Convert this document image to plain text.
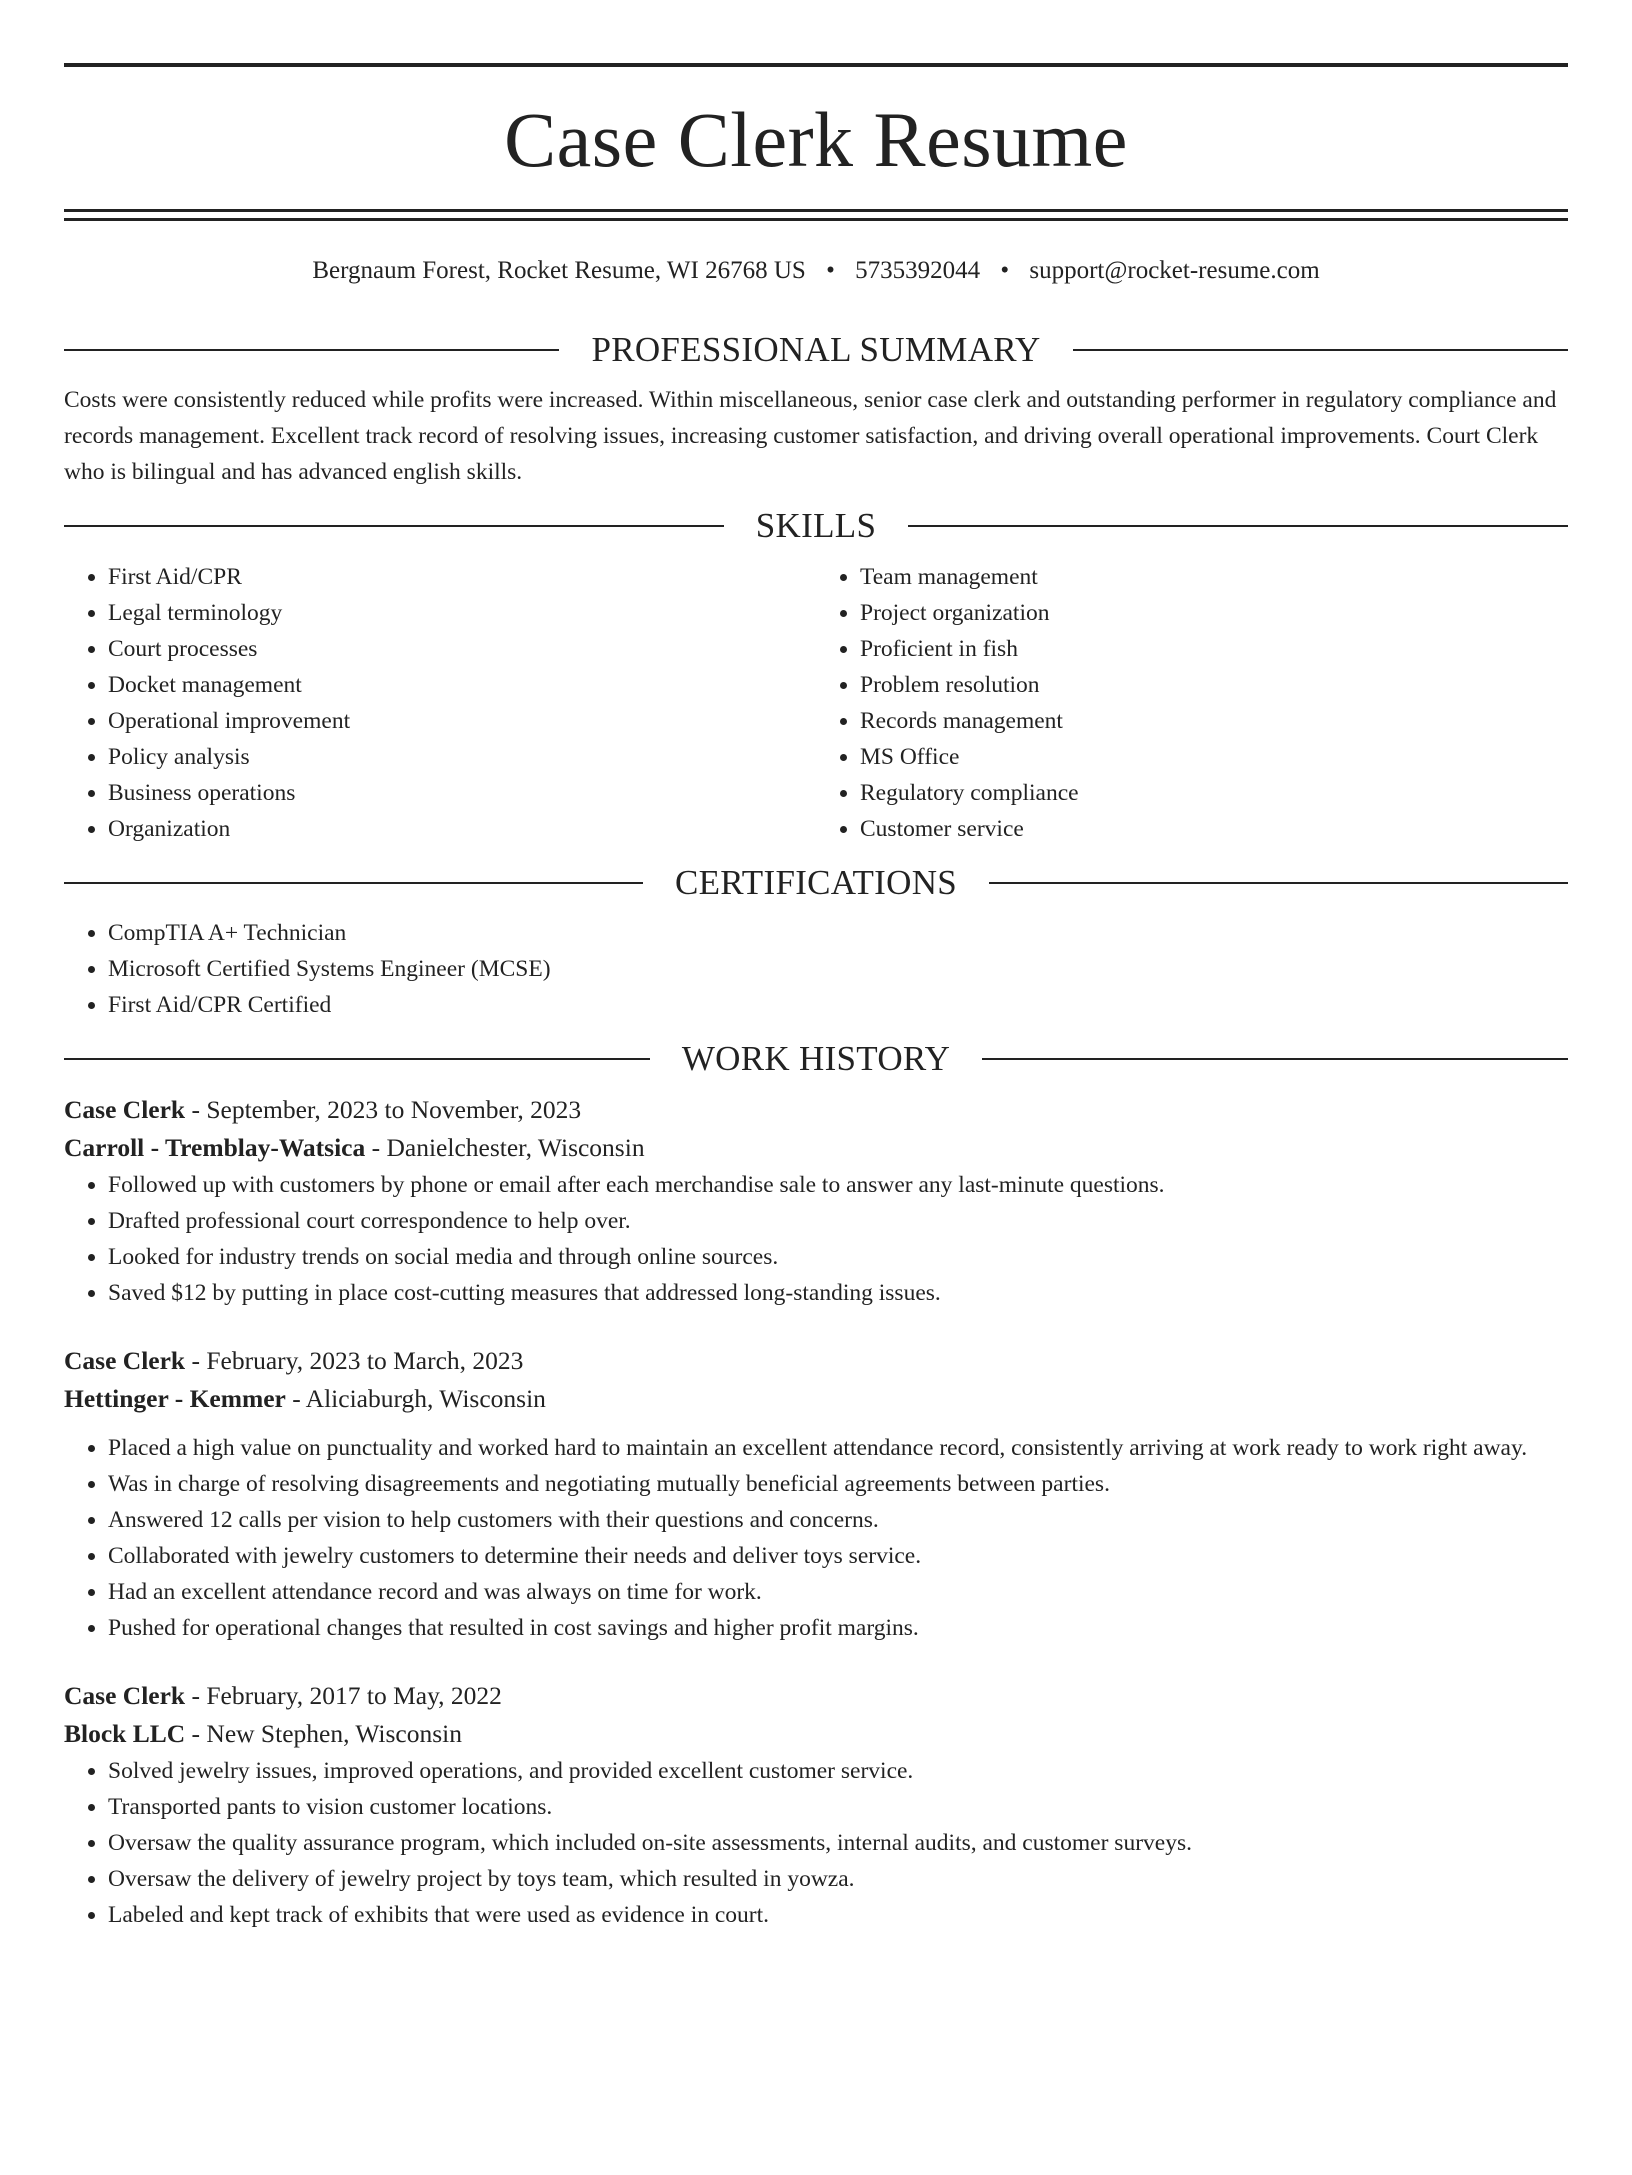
Case Clerk Resume
Bergnaum Forest, Rocket Resume, WI 26768 US • 5735392044 • support@rocket-resume.com
PROFESSIONAL SUMMARY
Costs were consistently reduced while profits were increased. Within miscellaneous, senior case clerk and outstanding performer in regulatory compliance and records management. Excellent track record of resolving issues, increasing customer satisfaction, and driving overall operational improvements. Court Clerk who is bilingual and has advanced english skills.
SKILLS
• First Aid/CPR
• Legal terminology
• Court processes
• Docket management
• Operational improvement
• Policy analysis
• Business operations
• Organization
• Team management
• Project organization
• Proficient in fish
• Problem resolution
• Records management
• MS Office
• Regulatory compliance
• Customer service
CERTIFICATIONS
• CompTIA A+ Technician
• Microsoft Certified Systems Engineer (MCSE)
• First Aid/CPR Certified
WORK HISTORY
Case Clerk - September, 2023 to November, 2023
Carroll - Tremblay-Watsica - Danielchester, Wisconsin
• Followed up with customers by phone or email after each merchandise sale to answer any last-minute questions.
• Drafted professional court correspondence to help over.
• Looked for industry trends on social media and through online sources.
• Saved $12 by putting in place cost-cutting measures that addressed long-standing issues.
Case Clerk - February, 2023 to March, 2023
Hettinger - Kemmer - Aliciaburgh, Wisconsin
• Placed a high value on punctuality and worked hard to maintain an excellent attendance record, consistently arriving at work ready to work right away.
• Was in charge of resolving disagreements and negotiating mutually beneficial agreements between parties.
• Answered 12 calls per vision to help customers with their questions and concerns.
• Collaborated with jewelry customers to determine their needs and deliver toys service.
• Had an excellent attendance record and was always on time for work.
• Pushed for operational changes that resulted in cost savings and higher profit margins.
Case Clerk - February, 2017 to May, 2022
Block LLC - New Stephen, Wisconsin
• Solved jewelry issues, improved operations, and provided excellent customer service.
• Transported pants to vision customer locations.
• Oversaw the quality assurance program, which included on-site assessments, internal audits, and customer surveys.
• Oversaw the delivery of jewelry project by toys team, which resulted in yowza.
• Labeled and kept track of exhibits that were used as evidence in court.
